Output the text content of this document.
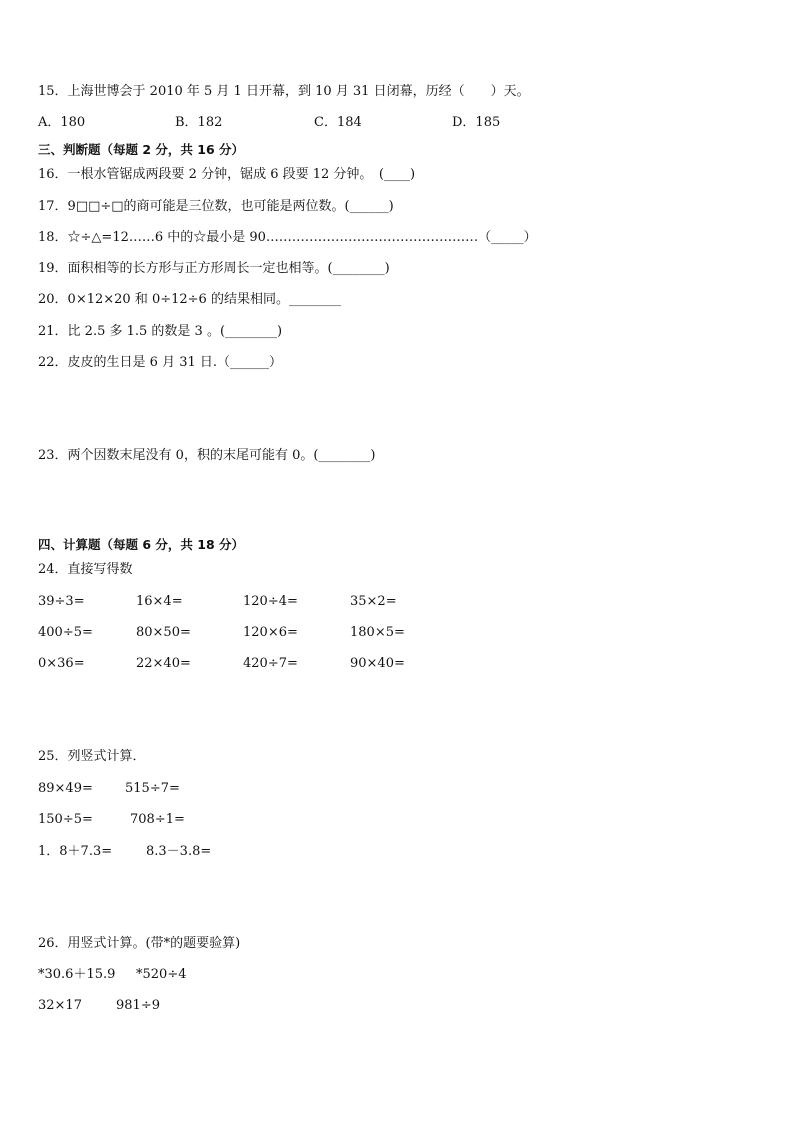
15．上海世博会于 2010 年 5 月 1 日开幕，到 10 月 31 日闭幕，历经（　　）天。
A．180	B．182	C．184	D．185
三、判断题（每题 2 分，共 16 分）
16．一根水管锯成两段要 2 分钟，锯成 6 段要 12 分钟。　(____)
17．9□□÷□的商可能是三位数，也可能是两位数。(______)
18．☆÷△=12……6 中的☆最小是 90.…………………………………………（_____）
19．面积相等的长方形与正方形周长一定也相等。(________)
20．0×12×20 和 0÷12÷6 的结果相同。________
21．比 2.5 多 1.5 的数是 3 。(________)
22．皮皮的生日是 6 月 31 日.（______）
23．两个因数末尾没有 0，积的末尾可能有 0。(________)
四、计算题（每题 6 分，共 18 分）
24．直接写得数
39÷3=	16×4=	120÷4=	35×2=
400÷5=	80×50=	120×6=	180×5=
0×36=	22×40=	420÷7=	90×40=
25．列竖式计算．
89×49= 515÷7=
150÷5=	708÷1=
1．8＋7.3=	8.3－3.8=
26．用竖式计算。(带*的题要验算)
*30.6＋15.9 *520÷4
32×17	981÷9
